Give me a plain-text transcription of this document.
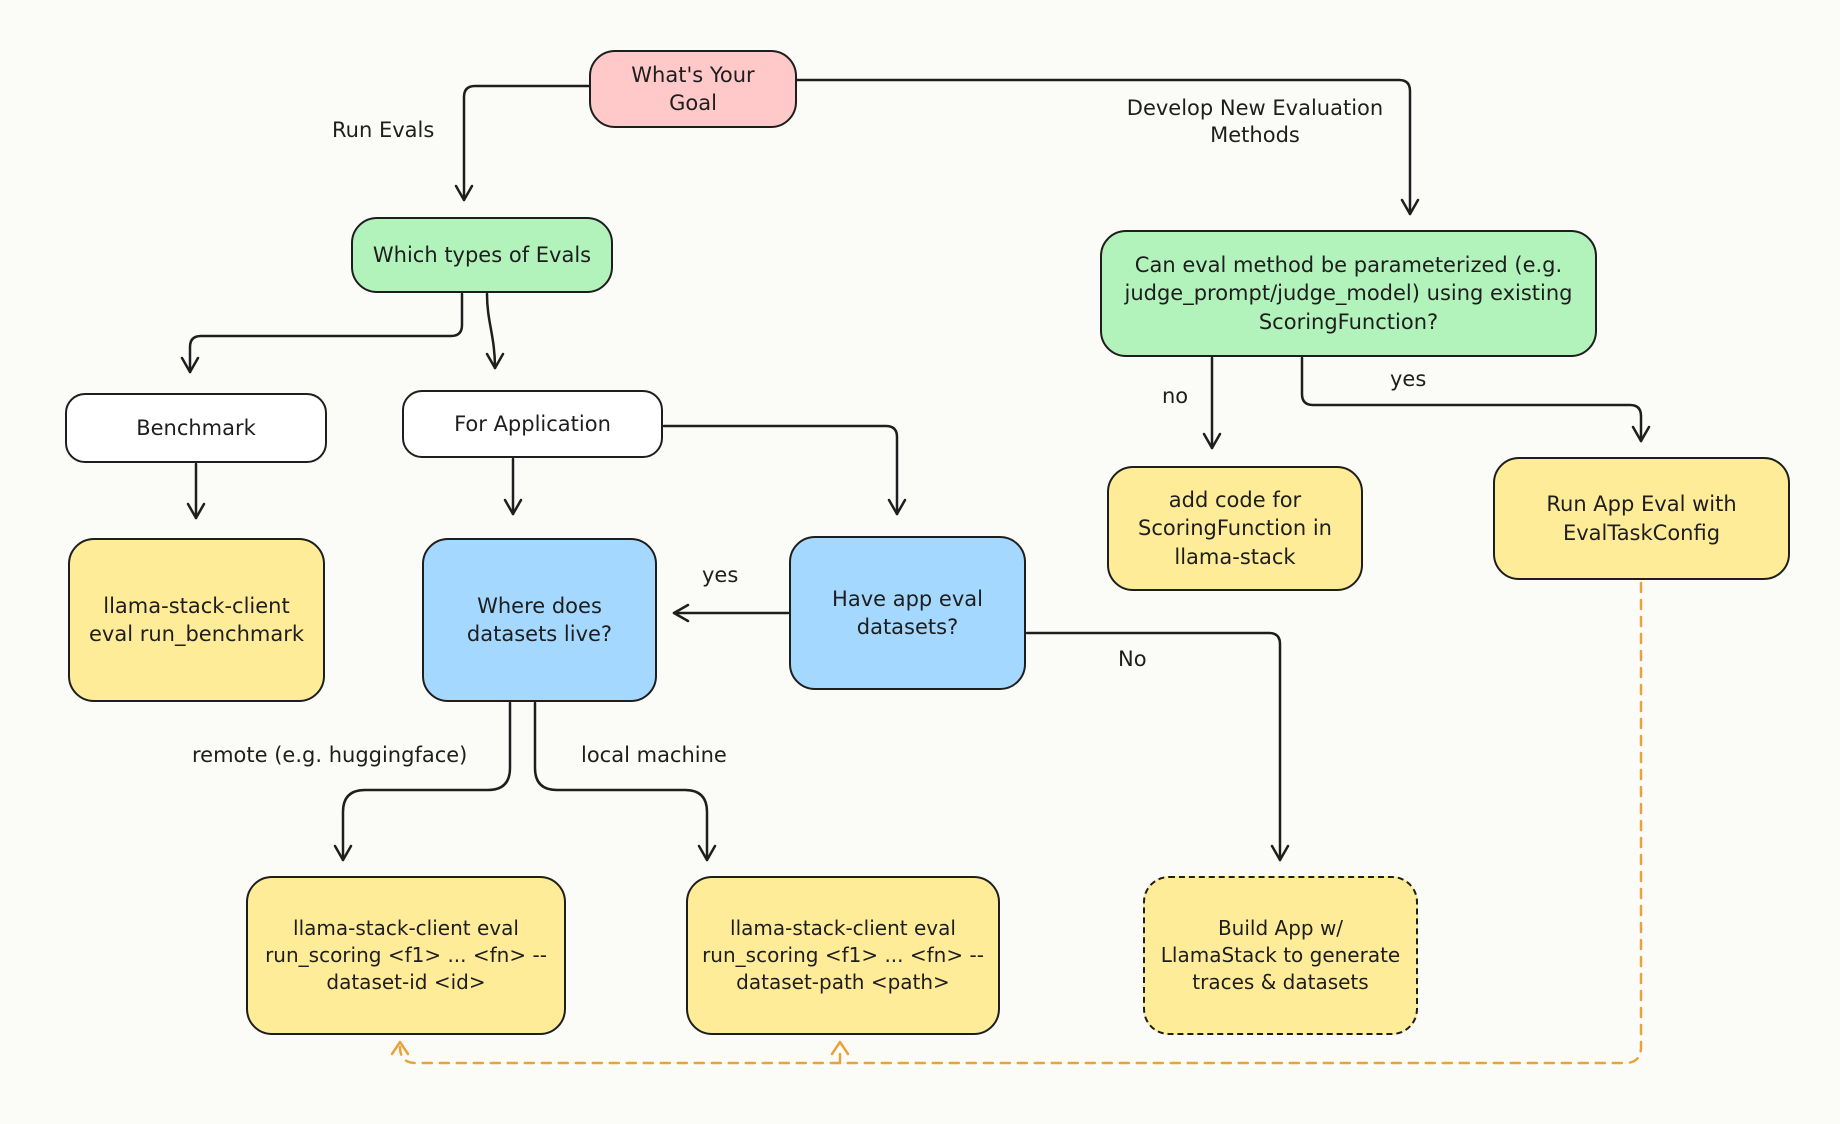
What's Your Goal
Which types of Evals	Can eval method be parameterized (e.g. judge_prompt/judge_model) using existing ScoringFunction?
Benchmark	For Application
llama-stack-client eval run_benchmark
Where does datasets live?
Have app eval datasets?
add code for ScoringFunction in llama-stack
Run App Eval with EvalTaskConfig
llama-stack-client eval run_scoring <f1> ... <fn> --dataset-id <id>
llama-stack-client eval run_scoring <f1> ... <fn> --dataset-path <path>
Build App w/ LlamaStack to generate traces & datasets
Run Evals
Develop New Evaluation Methods
yes
No
remote (e.g. huggingface)	local machine
no
yes
